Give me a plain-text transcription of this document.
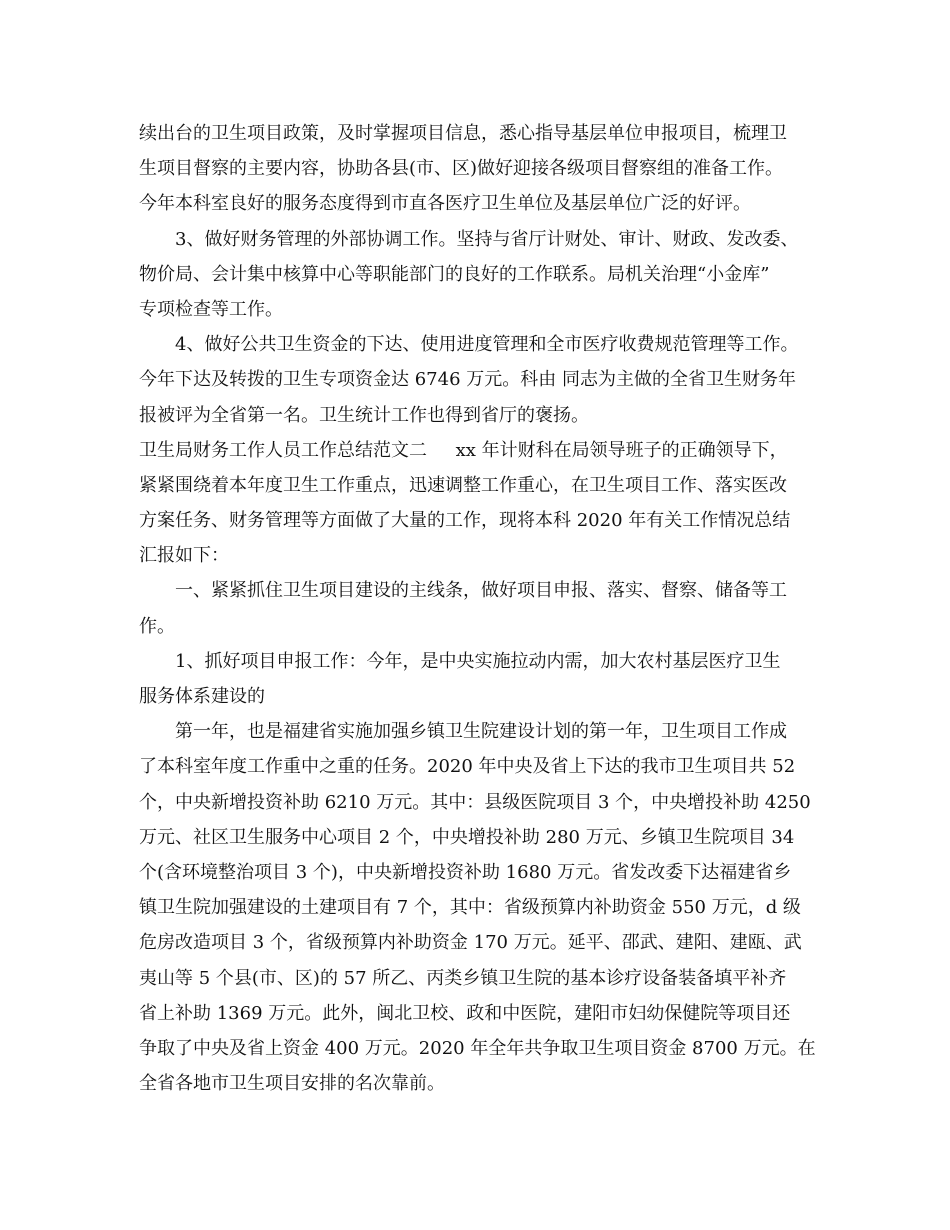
续出台的卫生项目政策，及时掌握项目信息，悉心指导基层单位申报项目，梳理卫
生项目督察的主要内容，协助各县(市、区)做好迎接各级项目督察组的准备工作。
今年本科室良好的服务态度得到市直各医疗卫生单位及基层单位广泛的好评。
3、做好财务管理的外部协调工作。坚持与省厅计财处、审计、财政、发改委、
物价局、会计集中核算中心等职能部门的良好的工作联系。局机关治理“小金库”
专项检查等工作。
4、做好公共卫生资金的下达、使用进度管理和全市医疗收费规范管理等工作。
今年下达及转拨的卫生专项资金达 6746 万元。科由 同志为主做的全省卫生财务年
报被评为全省第一名。卫生统计工作也得到省厅的褒扬。
卫生局财务工作人员工作总结范文二     xx 年计财科在局领导班子的正确领导下，
紧紧围绕着本年度卫生工作重点，迅速调整工作重心，在卫生项目工作、落实医改
方案任务、财务管理等方面做了大量的工作，现将本科 2020 年有关工作情况总结
汇报如下：
一、紧紧抓住卫生项目建设的主线条，做好项目申报、落实、督察、储备等工
作。
1、抓好项目申报工作：今年，是中央实施拉动内需，加大农村基层医疗卫生
服务体系建设的
第一年，也是福建省实施加强乡镇卫生院建设计划的第一年，卫生项目工作成
了本科室年度工作重中之重的任务。2020 年中央及省上下达的我市卫生项目共 52
个，中央新增投资补助 6210 万元。其中：县级医院项目 3 个，中央增投补助 4250
万元、社区卫生服务中心项目 2 个，中央增投补助 280 万元、乡镇卫生院项目 34
个(含环境整治项目 3 个)，中央新增投资补助 1680 万元。省发改委下达福建省乡
镇卫生院加强建设的土建项目有 7 个，其中：省级预算内补助资金 550 万元，d 级
危房改造项目 3 个，省级预算内补助资金 170 万元。延平、邵武、建阳、建瓯、武
夷山等 5 个县(市、区)的 57 所乙、丙类乡镇卫生院的基本诊疗设备装备填平补齐
省上补助 1369 万元。此外，闽北卫校、政和中医院，建阳市妇幼保健院等项目还
争取了中央及省上资金 400 万元。2020 年全年共争取卫生项目资金 8700 万元。在
全省各地市卫生项目安排的名次靠前。
